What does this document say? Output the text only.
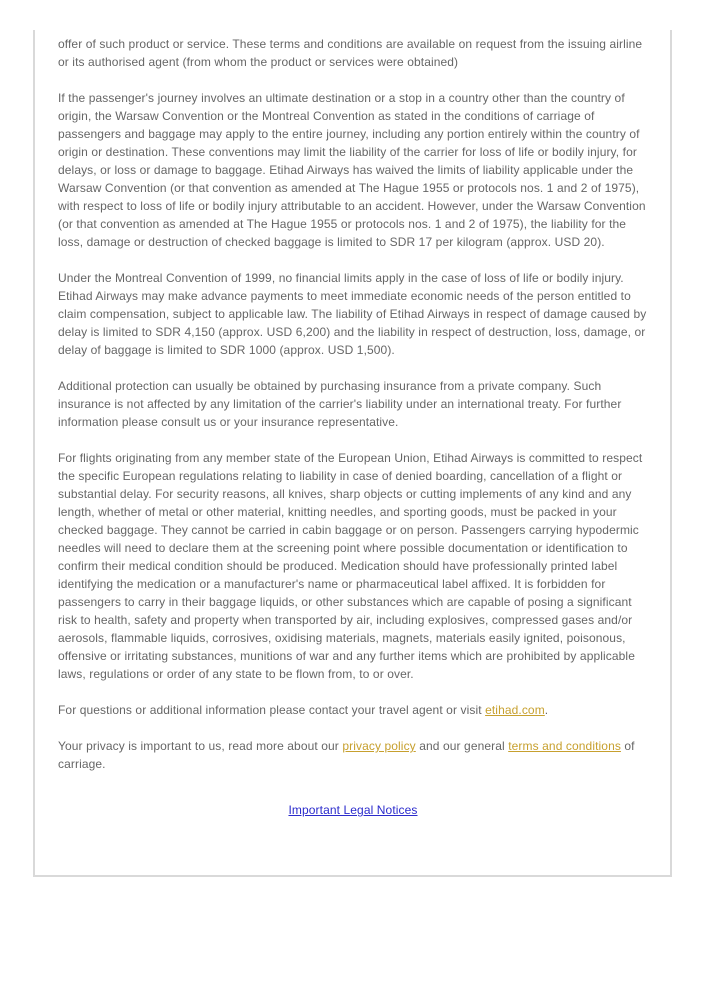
offer of such product or service. These terms and conditions are available on request from the issuing airline or its authorised agent (from whom the product or services were obtained)

If the passenger's journey involves an ultimate destination or a stop in a country other than the country of origin, the Warsaw Convention or the Montreal Convention as stated in the conditions of carriage of passengers and baggage may apply to the entire journey, including any portion entirely within the country of origin or destination. These conventions may limit the liability of the carrier for loss of life or bodily injury, for delays, or loss or damage to baggage. Etihad Airways has waived the limits of liability applicable under the Warsaw Convention (or that convention as amended at The Hague 1955 or protocols nos. 1 and 2 of 1975), with respect to loss of life or bodily injury attributable to an accident. However, under the Warsaw Convention (or that convention as amended at The Hague 1955 or protocols nos. 1 and 2 of 1975), the liability for the loss, damage or destruction of checked baggage is limited to SDR 17 per kilogram (approx. USD 20).

Under the Montreal Convention of 1999, no financial limits apply in the case of loss of life or bodily injury. Etihad Airways may make advance payments to meet immediate economic needs of the person entitled to claim compensation, subject to applicable law. The liability of Etihad Airways in respect of damage caused by delay is limited to SDR 4,150 (approx. USD 6,200) and the liability in respect of destruction, loss, damage, or delay of baggage is limited to SDR 1000 (approx. USD 1,500).

Additional protection can usually be obtained by purchasing insurance from a private company. Such insurance is not affected by any limitation of the carrier's liability under an international treaty. For further information please consult us or your insurance representative.

For flights originating from any member state of the European Union, Etihad Airways is committed to respect the specific European regulations relating to liability in case of denied boarding, cancellation of a flight or substantial delay. For security reasons, all knives, sharp objects or cutting implements of any kind and any length, whether of metal or other material, knitting needles, and sporting goods, must be packed in your checked baggage. They cannot be carried in cabin baggage or on person. Passengers carrying hypodermic needles will need to declare them at the screening point where possible documentation or identification to confirm their medical condition should be produced. Medication should have professionally printed label identifying the medication or a manufacturer's name or pharmaceutical label affixed. It is forbidden for passengers to carry in their baggage liquids, or other substances which are capable of posing a significant risk to health, safety and property when transported by air, including explosives, compressed gases and/or aerosols, flammable liquids, corrosives, oxidising materials, magnets, materials easily ignited, poisonous, offensive or irritating substances, munitions of war and any further items which are prohibited by applicable laws, regulations or order of any state to be flown from, to or over.

For questions or additional information please contact your travel agent or visit etihad.com.

Your privacy is important to us, read more about our privacy policy and our general terms and conditions of carriage.

Important Legal Notices
